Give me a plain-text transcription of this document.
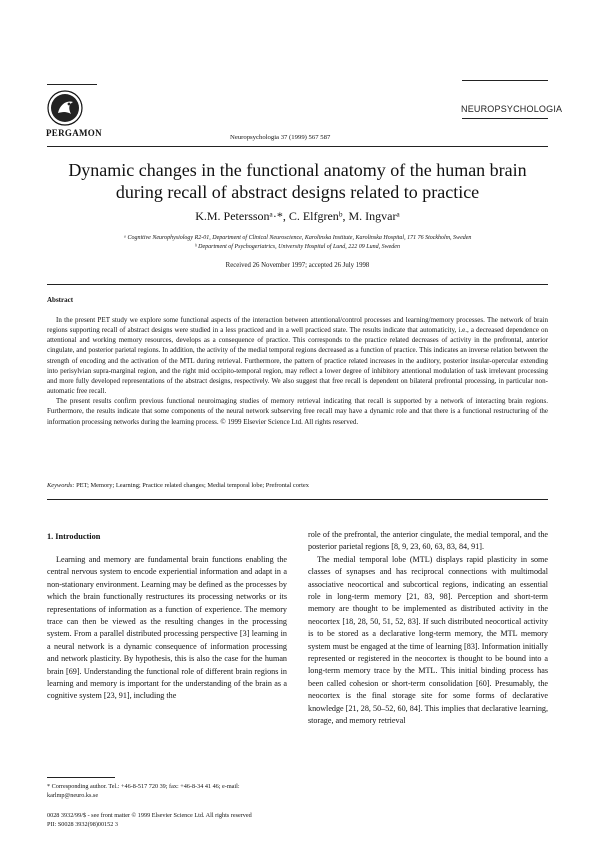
PERGAMON
NEUROPSYCHOLOGIA
Neuropsychologia 37 (1999) 567 587
Dynamic changes in the functional anatomy of the human brain
during recall of abstract designs related to practice
K.M. Peterssonᵃ·*, C. Elfgrenᵇ, M. Ingvarᵃ
ᵃ Cognitive Neurophysiology R2-01, Department of Clinical Neuroscience, Karolinska Institute, Karolinska Hospital, 171 76 Stockholm, Sweden
ᵇ Department of Psychogeriatrics, University Hospital of Lund, 222 09 Lund, Sweden
Received 26 November 1997; accepted 26 July 1998
Abstract

In the present PET study we explore some functional aspects of the interaction between attentional/control processes and learning/memory processes. The network of brain regions supporting recall of abstract designs were studied in a less practiced and in a well practiced state. The results indicate that automaticity, i.e., a decreased dependence on attentional and working memory resources, develops as a consequence of practice. This corresponds to the practice related decreases of activity in the prefrontal, anterior cingulate, and posterior parietal regions. In addition, the activity of the medial temporal regions decreased as a function of practice. This indicates an inverse relation between the strength of encoding and the activation of the MTL during retrieval. Furthermore, the pattern of practice related increases in the auditory, posterior insular-opercular extending into perisylvian supra-marginal region, and the right mid occipito-temporal region, may reflect a lower degree of inhibitory attentional modulation of task irrelevant processing and more fully developed representations of the abstract designs, respectively. We also suggest that free recall is dependent on bilateral prefrontal processing, in particular non-automatic free recall.

The present results confirm previous functional neuroimaging studies of memory retrieval indicating that recall is supported by a network of interacting brain regions. Furthermore, the results indicate that some components of the neural network subserving free recall may have a dynamic role and that there is a functional restructuring of the information processing networks during the learning process. © 1999 Elsevier Science Ltd. All rights reserved.

Keywords: PET; Memory; Learning; Practice related changes; Medial temporal lobe; Prefrontal cortex
1. Introduction

Learning and memory are fundamental brain functions enabling the central nervous system to encode experiential information and adapt in a non-stationary environment. Learning may be defined as the processes by which the brain functionally restructures its processing networks or its representations of information as a function of experience. The memory trace can then be viewed as the resulting changes in the processing system. From a parallel distributed processing perspective [3] learning in a neural network is a dynamic consequence of information processing and network plasticity. By hypothesis, this is also the case for the human brain [69]. Understanding the functional role of different brain regions in learning and memory is important for the understanding of the brain as a cognitive system [23, 91], including the

role of the prefrontal, the anterior cingulate, the medial temporal, and the posterior parietal regions [8, 9, 23, 60, 63, 83, 84, 91].

The medial temporal lobe (MTL) displays rapid plasticity in some classes of synapses and has reciprocal connections with multimodal associative neocortical and subcortical regions, indicating an essential role in long-term memory [21, 83, 98]. Perception and short-term memory are thought to be implemented as distributed activity in the neocortex [18, 28, 50, 51, 52, 83]. If such distributed neocortical activity is to be stored as a declarative long-term memory, the MTL memory system must be engaged at the time of learning [83]. Information initially represented or registered in the neocortex is thought to be bound into a long-term memory trace by the MTL. This initial binding process has been called cohesion or short-term consolidation [60]. Presumably, the neocortex is the final storage site for some forms of declarative knowledge [21, 28, 50–52, 60, 84]. This implies that declarative learning, storage, and memory retrieval

* Corresponding author. Tel.: +46-8-517 720 39; fax: +46-8-34 41 46; e-mail: karlmp@neuro.ks.se
0028 3932/99/$ - see front matter © 1999 Elsevier Science Ltd. All rights reserved
PII: S0028 3932(98)00152 3
